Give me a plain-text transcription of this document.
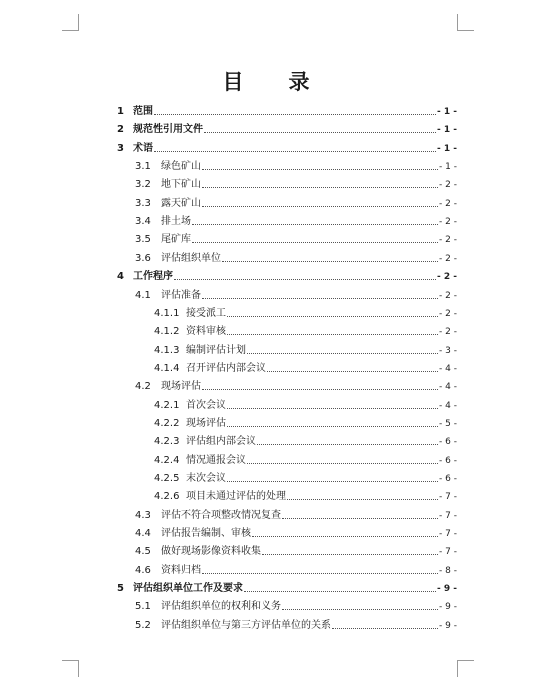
目 录
1 范围	- 1 -
2 规范性引用文件	- 1 -
3 术语	- 1 -
3.1	绿色矿山	- 1 -
3.2	地下矿山	- 2 -
3.3	露天矿山	- 2 -
3.4	排土场	- 2 -
3.5	尾矿库	- 2 -
3.6	评估组织单位	- 2 -
4 工作程序	- 2 -
4.1	评估准备	- 2 -
4.1.1 接受派工	- 2 -
4.1.2 资料审核	- 2 -
4.1.3 编制评估计划	- 3 -
4.1.4 召开评估内部会议	- 4 -
4.2	现场评估	- 4 -
4.2.1 首次会议	- 4 -
4.2.2 现场评估	- 5 -
4.2.3 评估组内部会议	- 6 -
4.2.4 情况通报会议	- 6 -
4.2.5 末次会议	- 6 -
4.2.6 项目未通过评估的处理	- 7 -
4.3	评估不符合项整改情况复查	- 7 -
4.4	评估报告编制、审核	- 7 -
4.5	做好现场影像资料收集	- 7 -
4.6	资料归档	- 8 -
5 评估组织单位工作及要求	- 9 -
5.1	评估组织单位的权利和义务	- 9 -
5.2	评估组织单位与第三方评估单位的关系	- 9 -
